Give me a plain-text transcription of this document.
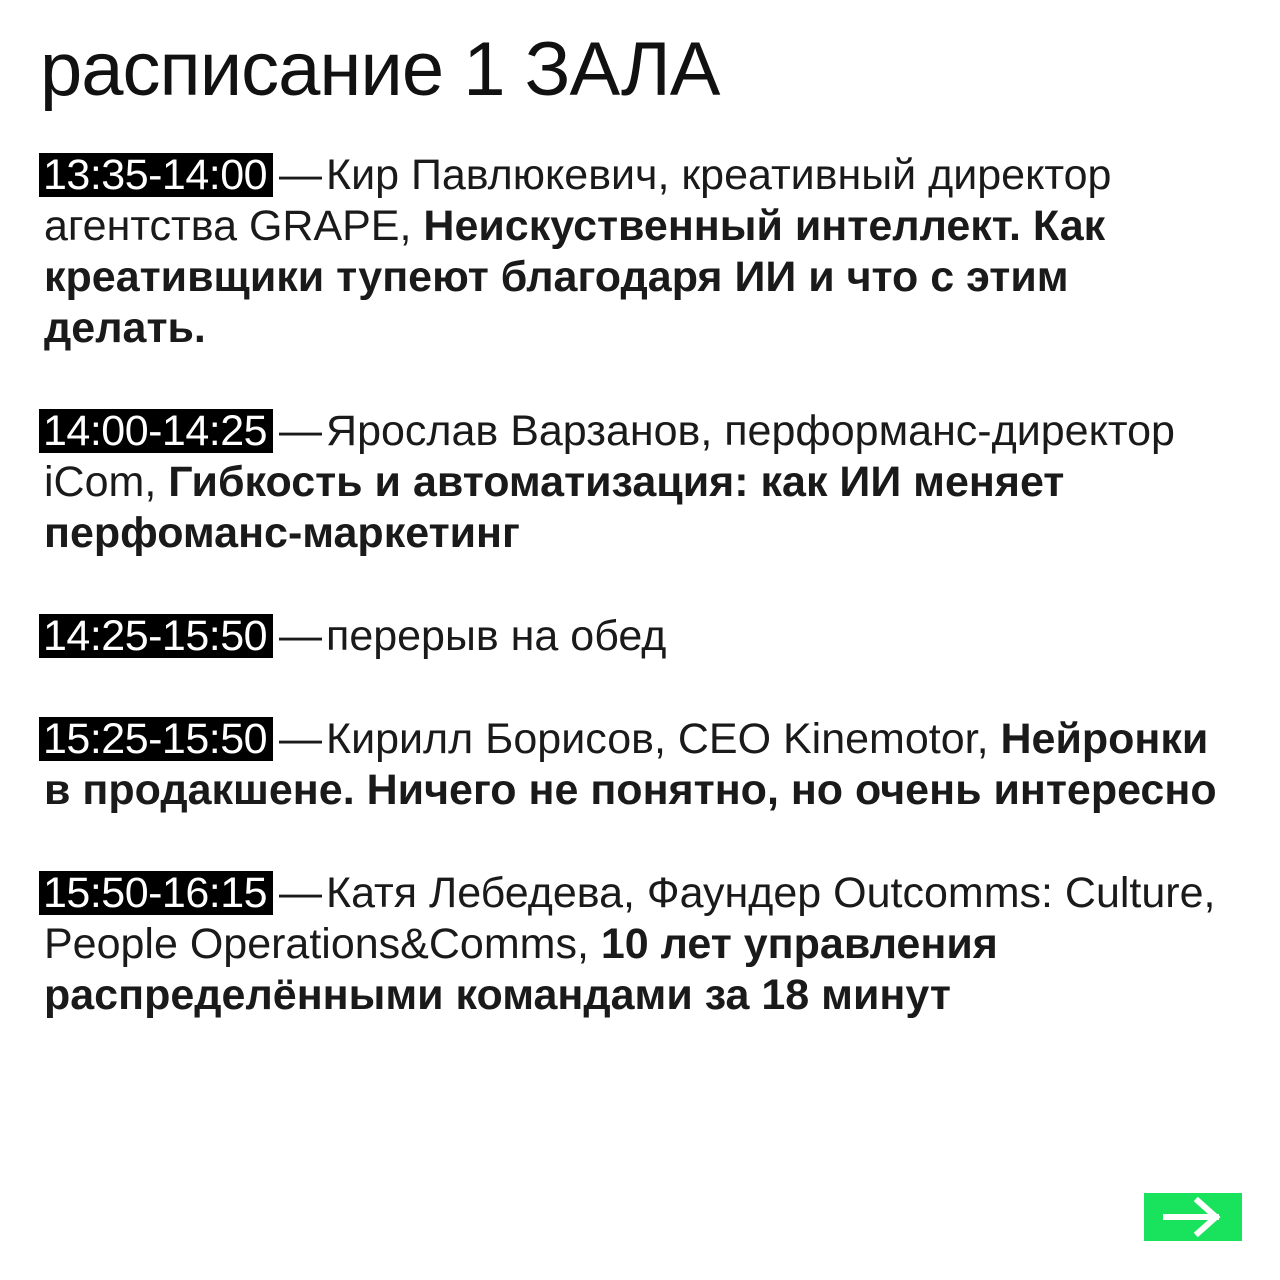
расписание 1 ЗАЛА
13:35-14:00 —Кир Павлюкевич, креативный директор агентства GRAPE, Неискуственный интеллект. Как креативщики тупеют благодаря ИИ и что с этим делать.
14:00-14:25 —Ярослав Варзанов, перформанс-директор iCom, Гибкость и автоматизация: как ИИ меняет перфоманс-маркетинг
14:25-15:50 —перерыв на обед
15:25-15:50 —Кирилл Борисов, CEO Kinemotor, Нейронки в продакшене. Ничего не понятно, но очень интересно
15:50-16:15 —Катя Лебедева, Фаундер Outcomms: Culture, People Operations&Comms, 10 лет управления распределёнными командами за 18 минут
